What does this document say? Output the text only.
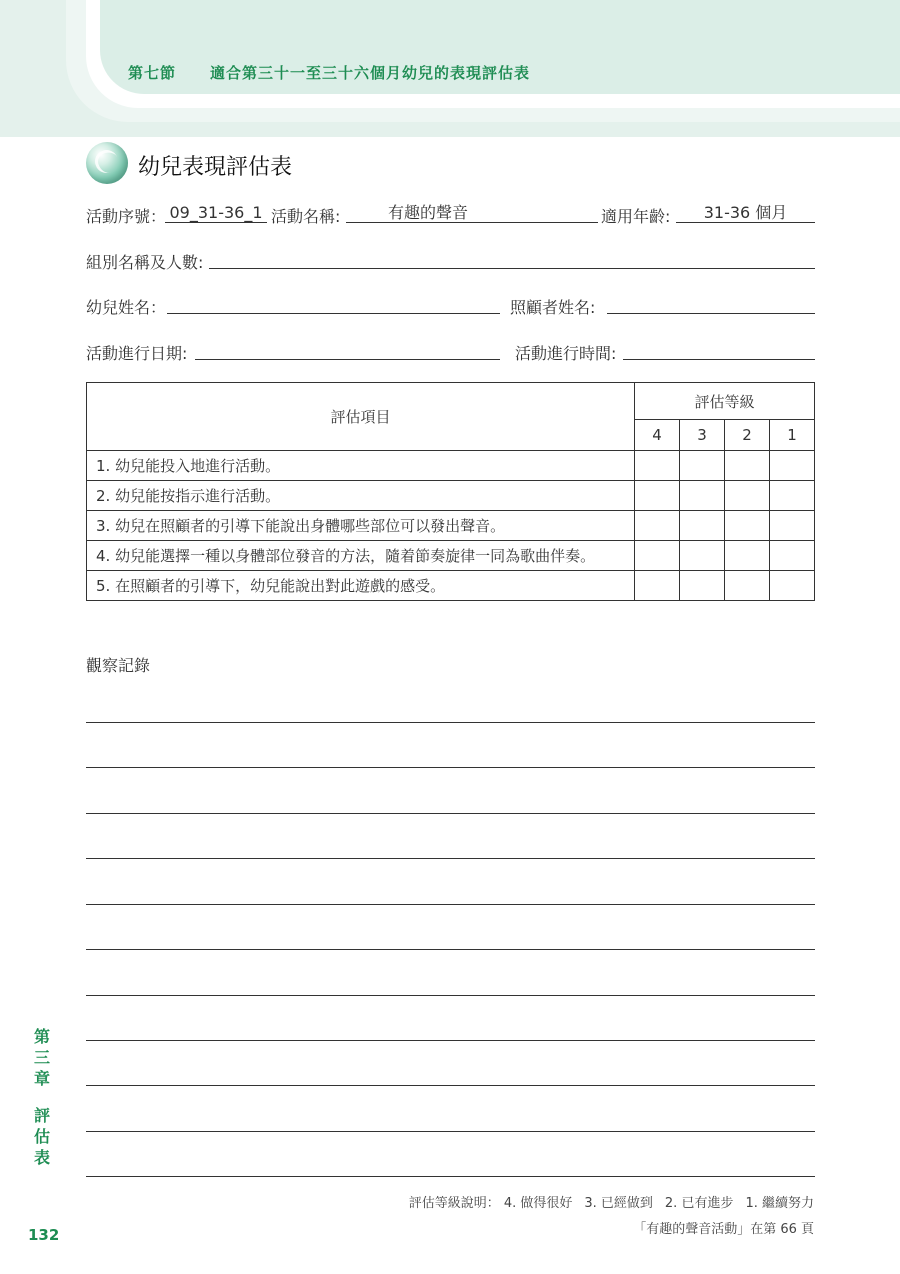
第七節 適合第三十一至三十六個月幼兒的表現評估表
幼兒表現評估表
活動序號： 09_31-36_1 活動名稱:	有趣的聲音	適用年齡:	31-36 個月
組別名稱及人數:
幼兒姓名：	照顧者姓名:
活動進行日期:	活動進行時間:
評估項目	評估等級			
	4	3	2	1
1. 幼兒能投入地進行活動。				
2. 幼兒能按指示進行活動。				
3. 幼兒在照顧者的引導下能說出身體哪些部位可以發出聲音。				
4. 幼兒能選擇一種以身體部位發音的方法，隨着節奏旋律一同為歌曲伴奏。				
5. 在照顧者的引導下，幼兒能說出對此遊戲的感受。				
觀察記錄
第三章
評估表
評估等級說明： 4. 做得很好 3. 已經做到 2. 已有進步 1. 繼續努力
「有趣的聲音活動」在第 66 頁
132
